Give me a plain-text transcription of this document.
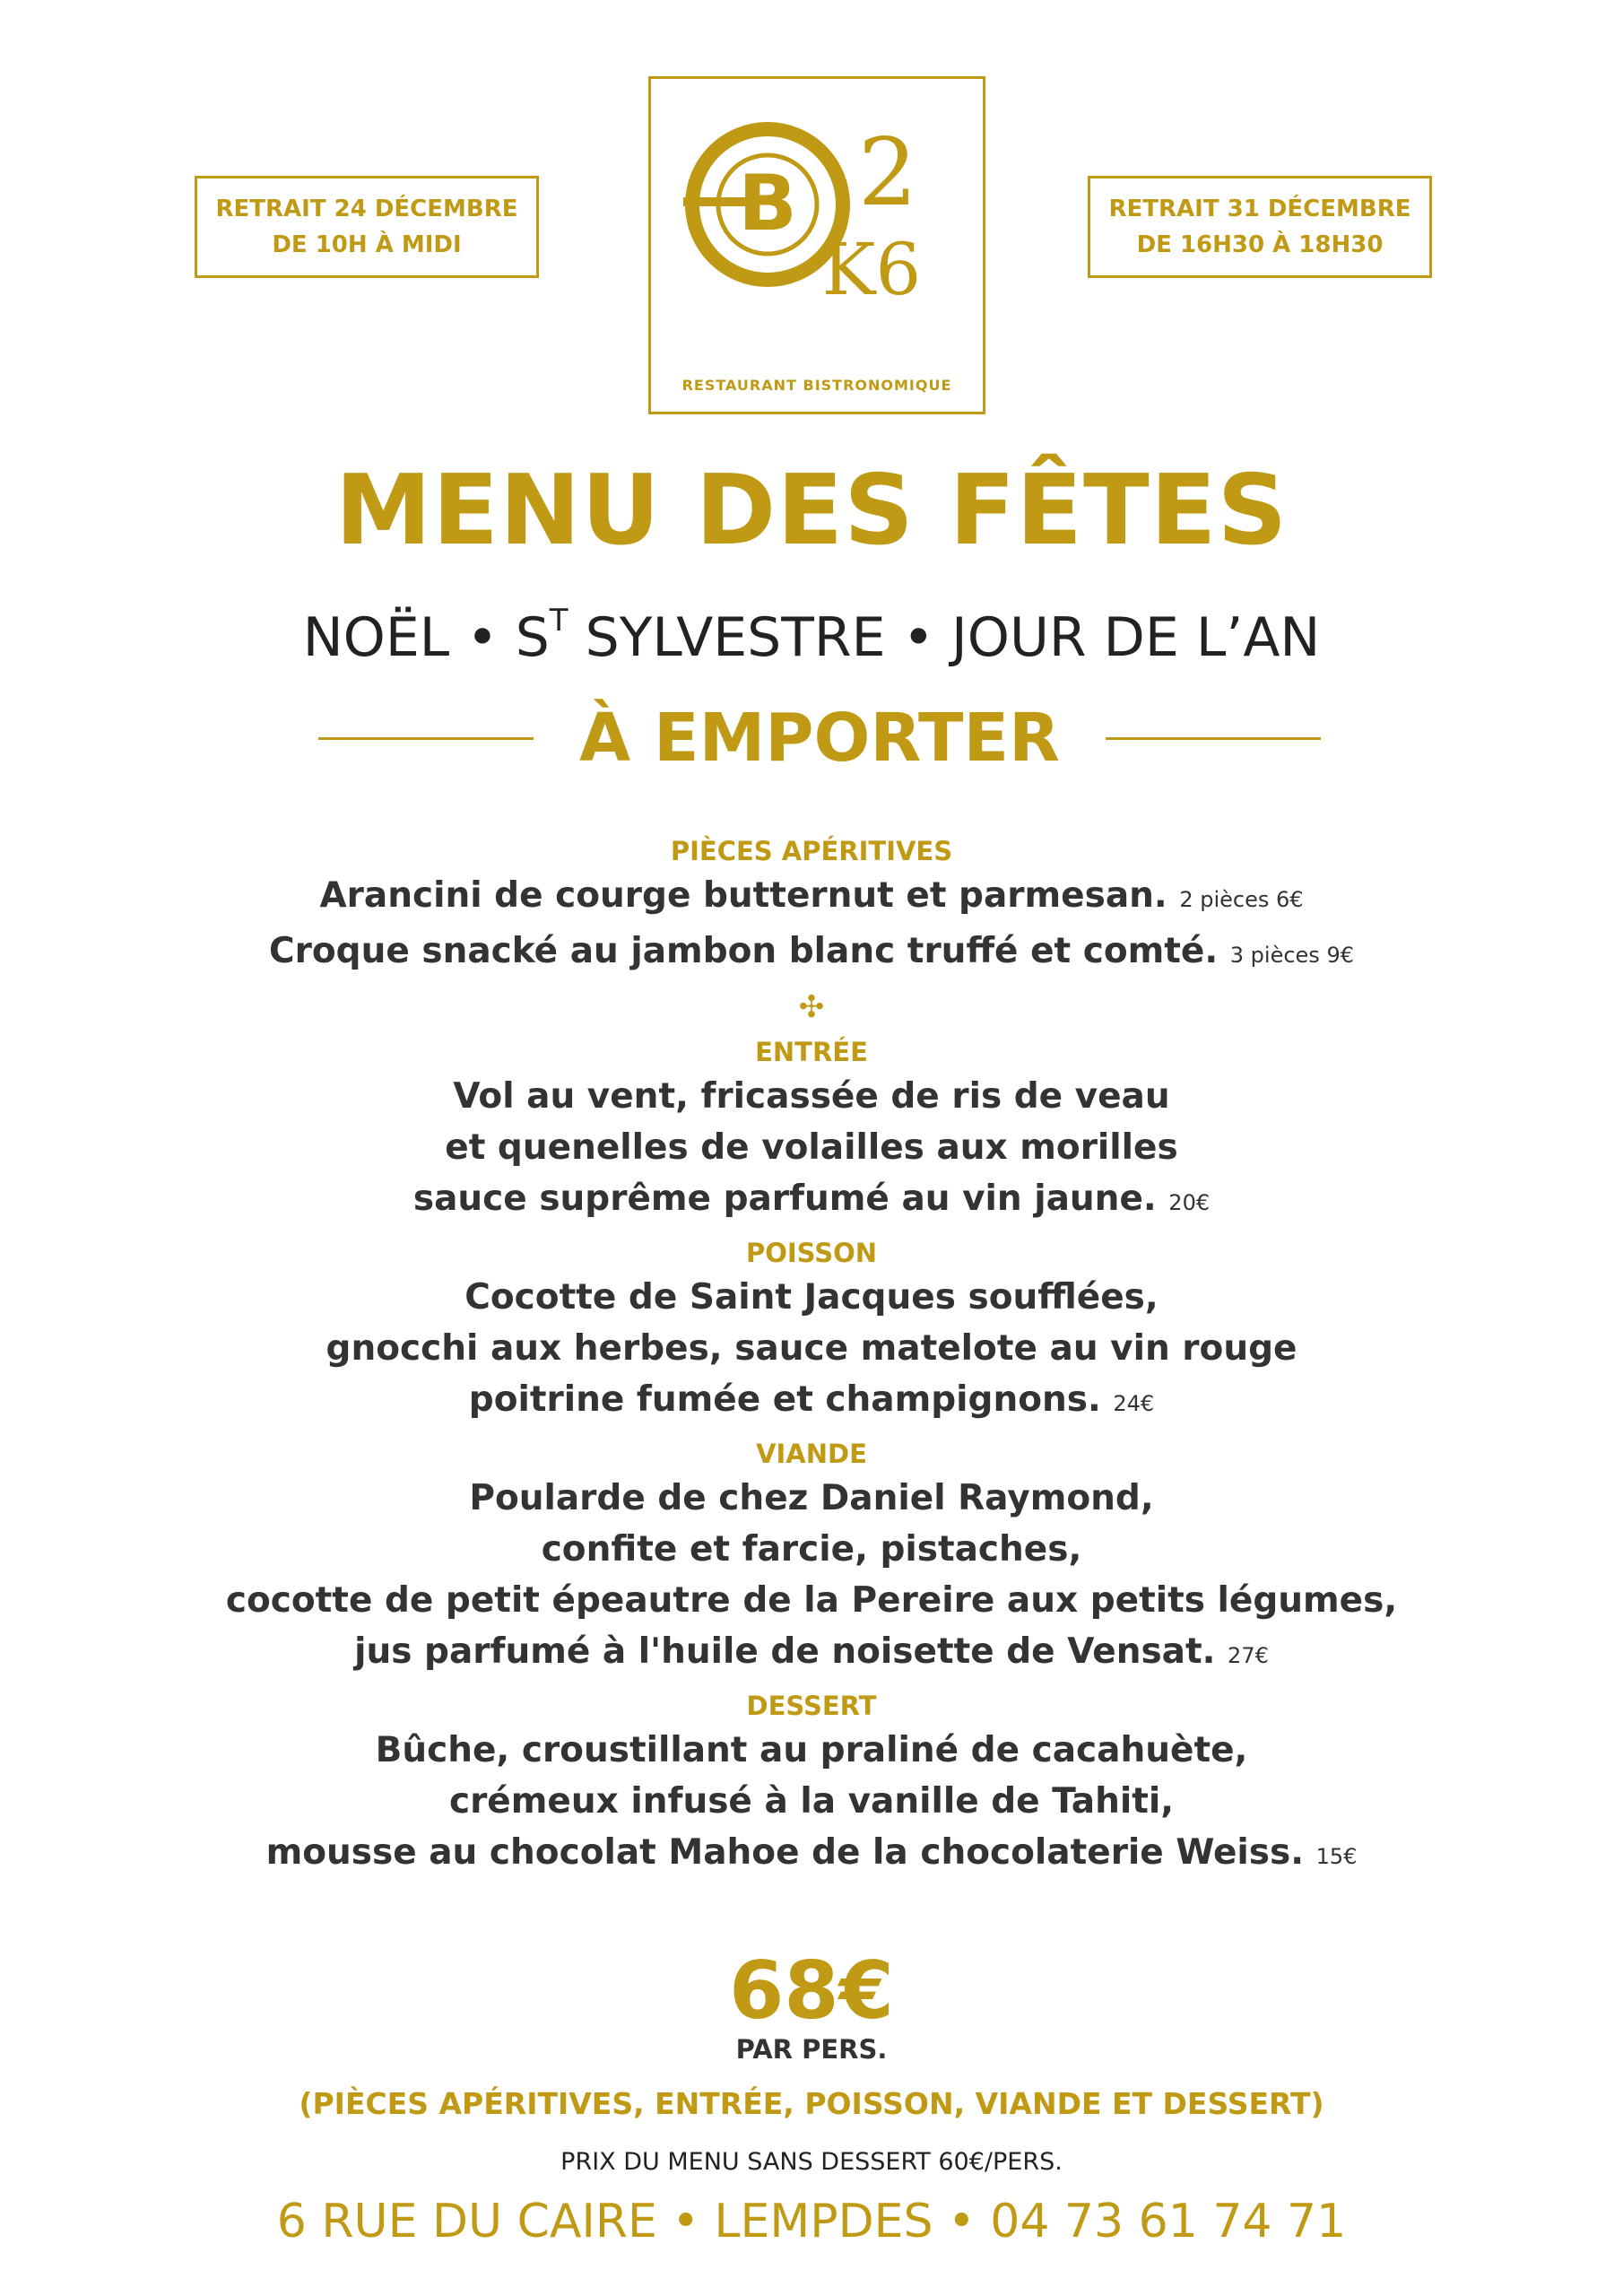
RETRAIT 24 DÉCEMBRE
DE 10H À MIDI
RETRAIT 31 DÉCEMBRE
DE 16H30 À 18H30
B 2
K6
RESTAURANT BISTRONOMIQUE
MENU DES FÊTES
NOËL • $S^T$ SYLVESTRE • JOUR DE L’AN
À EMPORTER
PIÈCES APÉRITIVES
Arancini de courge butternut et parmesan. 2 pièces 6€
Croque snacké au jambon blanc truffé et comté. 3 pièces 9€
✣
ENTRÉE
Vol au vent, fricassée de ris de veau
et quenelles de volailles aux morilles
sauce suprême parfumé au vin jaune. 20€
POISSON
Cocotte de Saint Jacques soufflées,
gnocchi aux herbes, sauce matelote au vin rouge
poitrine fumée et champignons. 24€
VIANDE
Poularde de chez Daniel Raymond,
confite et farcie, pistaches,
cocotte de petit épeautre de la Pereire aux petits légumes,
jus parfumé à l'huile de noisette de Vensat. 27€
DESSERT
Bûche, croustillant au praliné de cacahuète,
crémeux infusé à la vanille de Tahiti,
mousse au chocolat Mahoe de la chocolaterie Weiss. 15€
68€
PAR PERS.
(PIÈCES APÉRITIVES, ENTRÉE, POISSON, VIANDE ET DESSERT)
PRIX DU MENU SANS DESSERT 60€/PERS.
6 RUE DU CAIRE • LEMPDES • 04 73 61 74 71
